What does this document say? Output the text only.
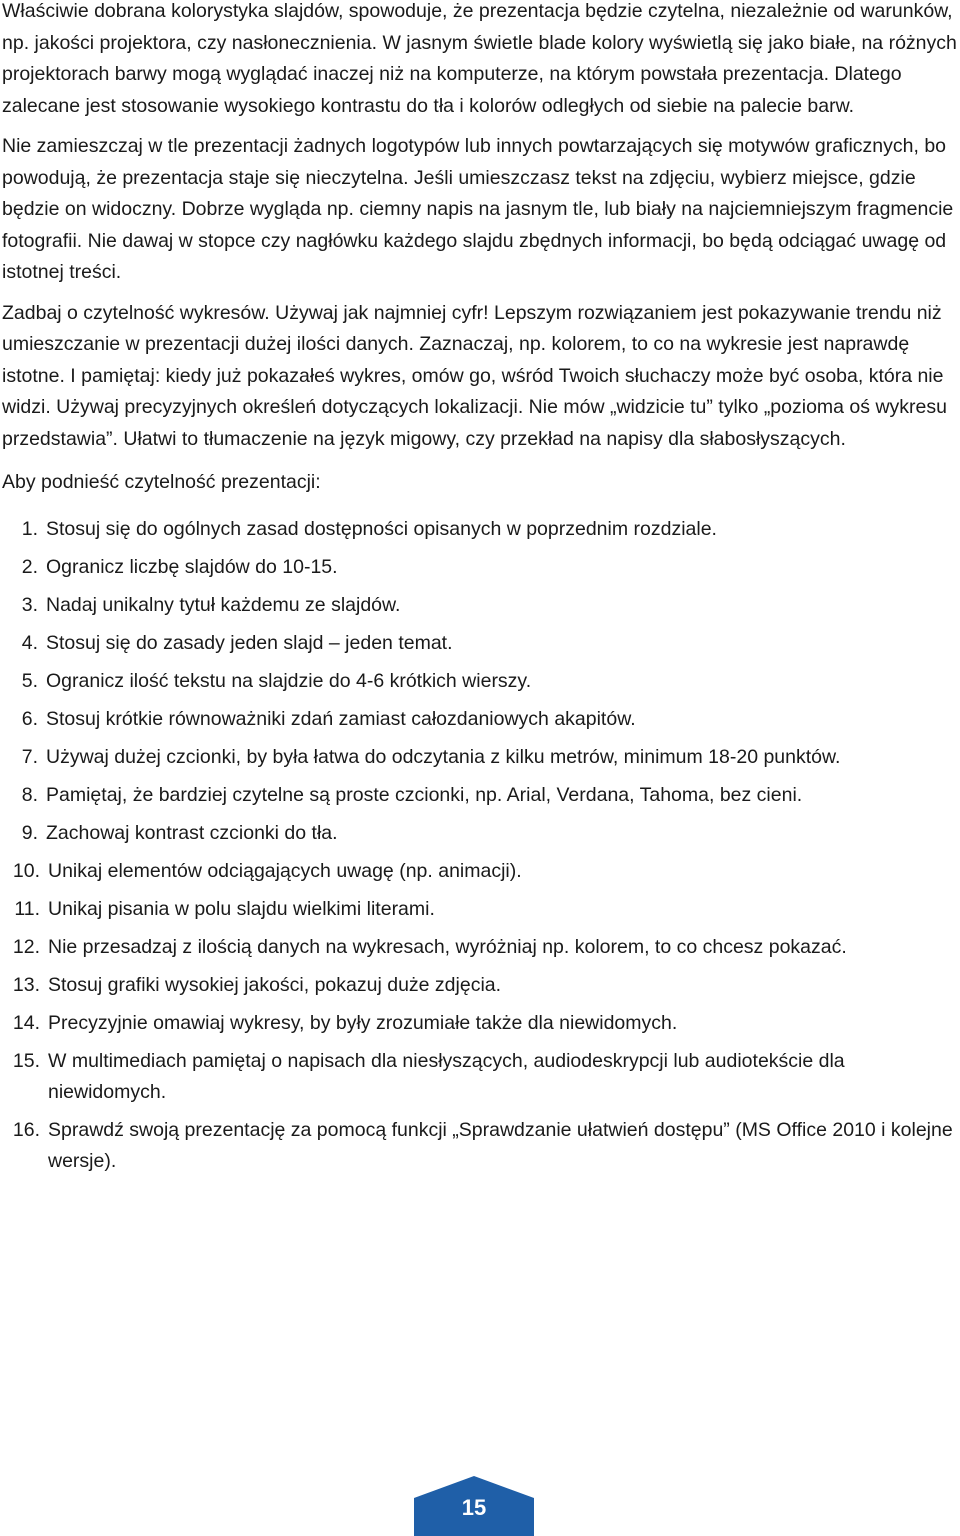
Właściwie dobrana kolorystyka slajdów, spowoduje, że prezentacja będzie czytelna, niezależnie od warunków, np. jakości projektora, czy nasłonecznienia. W jasnym świetle blade kolory wyświetlą się jako białe, na różnych projektorach barwy mogą wyglądać inaczej niż na komputerze, na którym powstała prezentacja. Dlatego zalecane jest stosowanie wysokiego kontrastu do tła i kolorów odległych od siebie na palecie barw.

Nie zamieszczaj w tle prezentacji żadnych logotypów lub innych powtarzających się motywów graficznych, bo powodują, że prezentacja staje się nieczytelna. Jeśli umieszczasz tekst na zdjęciu, wybierz miejsce, gdzie będzie on widoczny. Dobrze wygląda np. ciemny napis na jasnym tle, lub biały na najciemniejszym fragmencie fotografii. Nie dawaj w stopce czy nagłówku każdego slajdu zbędnych informacji, bo będą odciągać uwagę od istotnej treści.

Zadbaj o czytelność wykresów. Używaj jak najmniej cyfr! Lepszym rozwiązaniem jest pokazywanie trendu niż umieszczanie w prezentacji dużej ilości danych. Zaznaczaj, np. kolorem, to co na wykresie jest naprawdę istotne. I pamiętaj: kiedy już pokazałeś wykres, omów go, wśród Twoich słuchaczy może być osoba, która nie widzi. Używaj precyzyjnych określeń dotyczących lokalizacji. Nie mów „widzicie tu” tylko „pozioma oś wykresu przedstawia”. Ułatwi to tłumaczenie na język migowy, czy przekład na napisy dla słabosłyszących.

Aby podnieść czytelność prezentacji:

1. Stosuj się do ogólnych zasad dostępności opisanych w poprzednim rozdziale.
2. Ogranicz liczbę slajdów do 10-15.
3. Nadaj unikalny tytuł każdemu ze slajdów.
4. Stosuj się do zasady jeden slajd – jeden temat.
5. Ogranicz ilość tekstu na slajdzie do 4-6 krótkich wierszy.
6. Stosuj krótkie równoważniki zdań zamiast całozdaniowych akapitów.
7. Używaj dużej czcionki, by była łatwa do odczytania z kilku metrów, minimum 18-20 punktów.
8. Pamiętaj, że bardziej czytelne są proste czcionki, np. Arial, Verdana, Tahoma, bez cieni.
9. Zachowaj kontrast czcionki do tła.
10. Unikaj elementów odciągających uwagę (np. animacji).
11. Unikaj pisania w polu slajdu wielkimi literami.
12. Nie przesadzaj z ilością danych na wykresach, wyróżniaj np. kolorem, to co chcesz pokazać.
13. Stosuj grafiki wysokiej jakości, pokazuj duże zdjęcia.
14. Precyzyjnie omawiaj wykresy, by były zrozumiałe także dla niewidomych.
15. W multimediach pamiętaj o napisach dla niesłyszących, audiodeskrypcji lub audiotekście dla niewidomych.
16. Sprawdź swoją prezentację za pomocą funkcji „Sprawdzanie ułatwień dostępu” (MS Office 2010 i kolejne wersje).
15
